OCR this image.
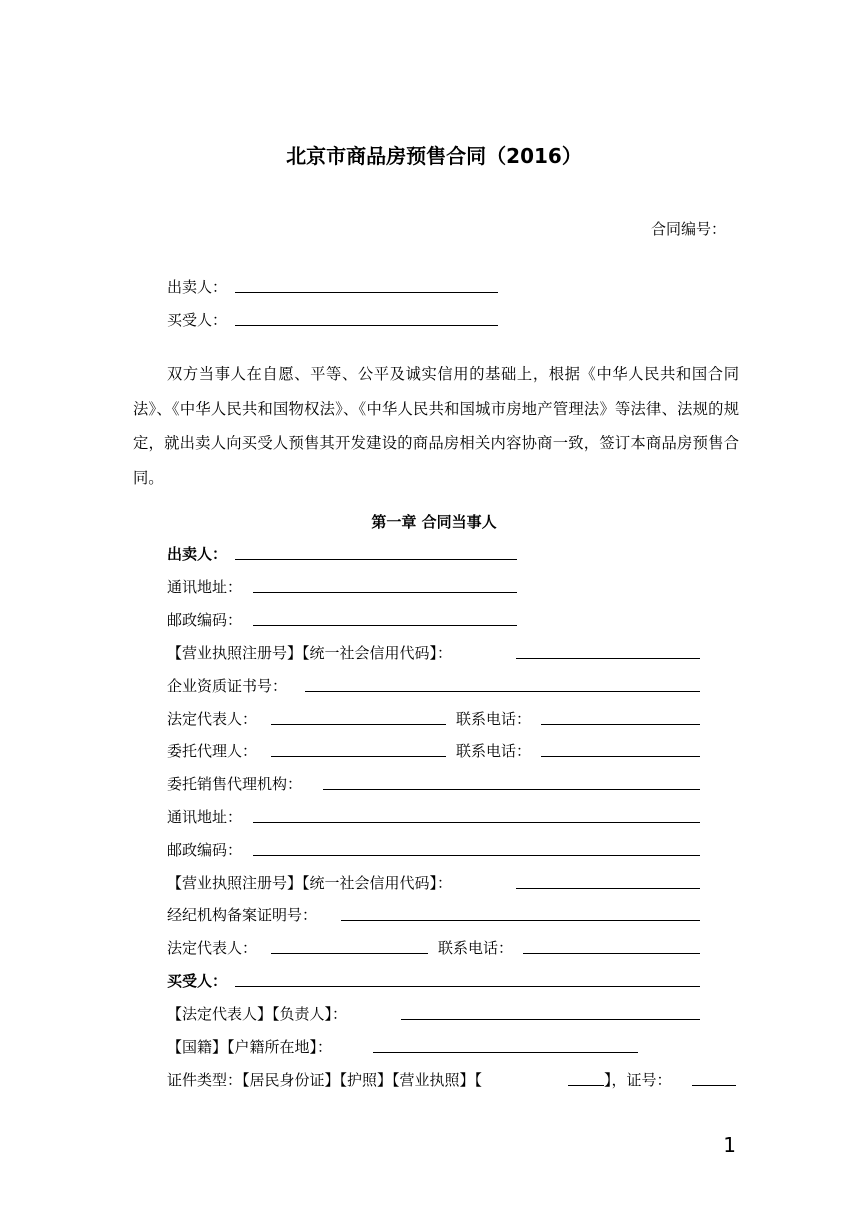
北京市商品房预售合同（2016）
合同编号：
出卖人：
买受人：
双方当事人在自愿、平等、公平及诚实信用的基础上，根据《中华人民共和国合同法》、《中华人民共和国物权法》、《中华人民共和国城市房地产管理法》等法律、法规的规定，就出卖人向买受人预售其开发建设的商品房相关内容协商一致，签订本商品房预售合同。
第一章 合同当事人
出卖人：
通讯地址：
邮政编码：
【营业执照注册号】【统一社会信用代码】：
企业资质证书号：
法定代表人：	联系电话：
委托代理人：	联系电话：
委托销售代理机构：
通讯地址：
邮政编码：
【营业执照注册号】【统一社会信用代码】：
经纪机构备案证明号：
法定代表人：	联系电话：
买受人：
【法定代表人】【负责人】：
【国籍】【户籍所在地】：
证件类型：【居民身份证】【护照】【营业执照】【	】，证号：
1
